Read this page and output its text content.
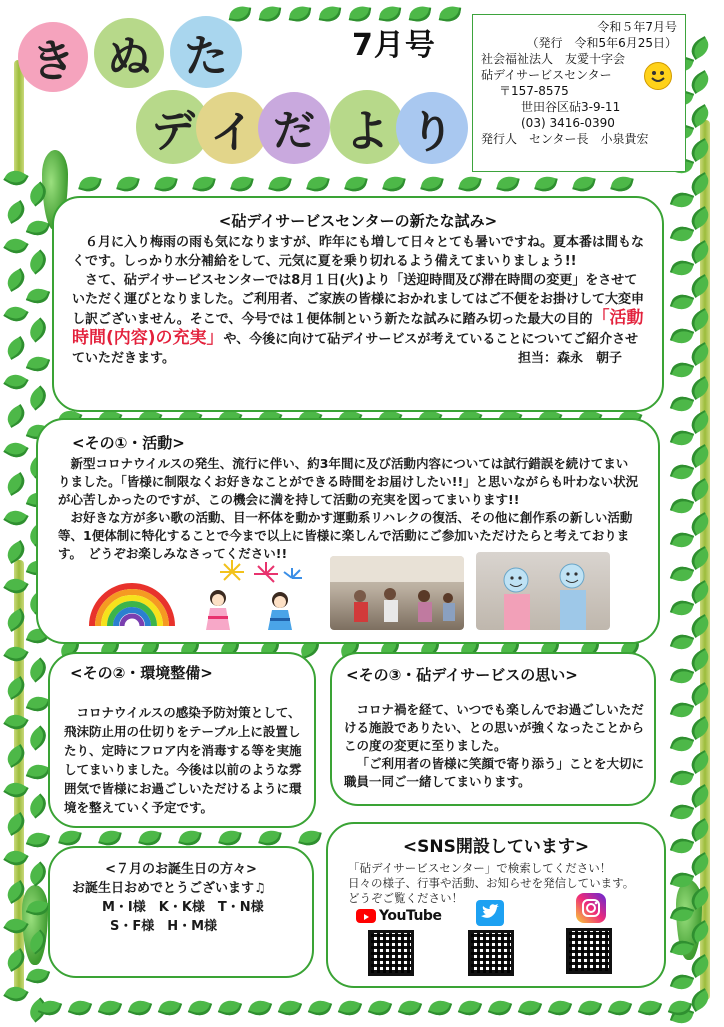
き ぬ た
デ イ だ よ り
7月号
令和５年7月号
（発行　令和5年6月25日）
社会福祉法人　友愛十字会
砧デイサービスセンター
〒157-8575
世田谷区砧3-9-11
(03) 3416-0390
発行人　センター長　小泉貴宏
<砧デイサービスセンターの新たな試み>
６月に入り梅雨の雨も気になりますが、昨年にも増して日々とても暑いですね。夏本番は間もなくです。しっかり水分補給をして、元気に夏を乗り切れるよう備えてまいりましょう!!
さて、砧デイサービスセンターでは8月１日(火)より「送迎時間及び滞在時間の変更」をさせていただく運びとなりました。ご利用者、ご家族の皆様におかれましてはご不便をお掛けして大変申し訳ございません。そこで、今号では１便体制という新たな試みに踏み切った最大の目的「活動時間(内容)の充実」や、今後に向けて砧デイサービスが考えていることについてご紹介させていただきます。	担当：森永　朝子
<その①・活動>
新型コロナウイルスの発生、流行に伴い、約3年間に及び活動内容については試行錯誤を続けてまいりました。「皆様に制限なくお好きなことができる時間をお届けしたい!!」と思いながらも叶わない状況が心苦しかったのですが、この機会に満を持して活動の充実を図ってまいります!!
お好きな方が多い歌の活動、目一杯体を動かす運動系リハレクの復活、その他に創作系の新しい活動等、1便体制に特化することで今まで以上に皆様に楽しんで活動にご参加いただけたらと考えております。　どうぞお楽しみなさってください!!
<その②・環境整備>
コロナウイルスの感染予防対策として、飛沫防止用の仕切りをテーブル上に設置したり、定時にフロア内を消毒する等を実施してまいりました。今後は以前のような雰囲気で皆様にお過ごしいただけるように環境を整えていく予定です。
<その③・砧デイサービスの思い>
コロナ禍を経て、いつでも楽しんでお過ごしいただける施設でありたい、との思いが強くなったことからこの度の変更に至りました。
「ご利用者の皆様に笑顔で寄り添う」ことを大切に職員一同ご一緒してまいります。
<７月のお誕生日の方々>
お誕生日おめでとうございます♫
M・I様　K・K様　T・N様
S・F様　H・M様
<SNS開設しています>
「砧デイサービスセンター」で検索してください！
日々の様子、行事や活動、お知らせを発信しています。
どうぞご覧ください！
YouTube
